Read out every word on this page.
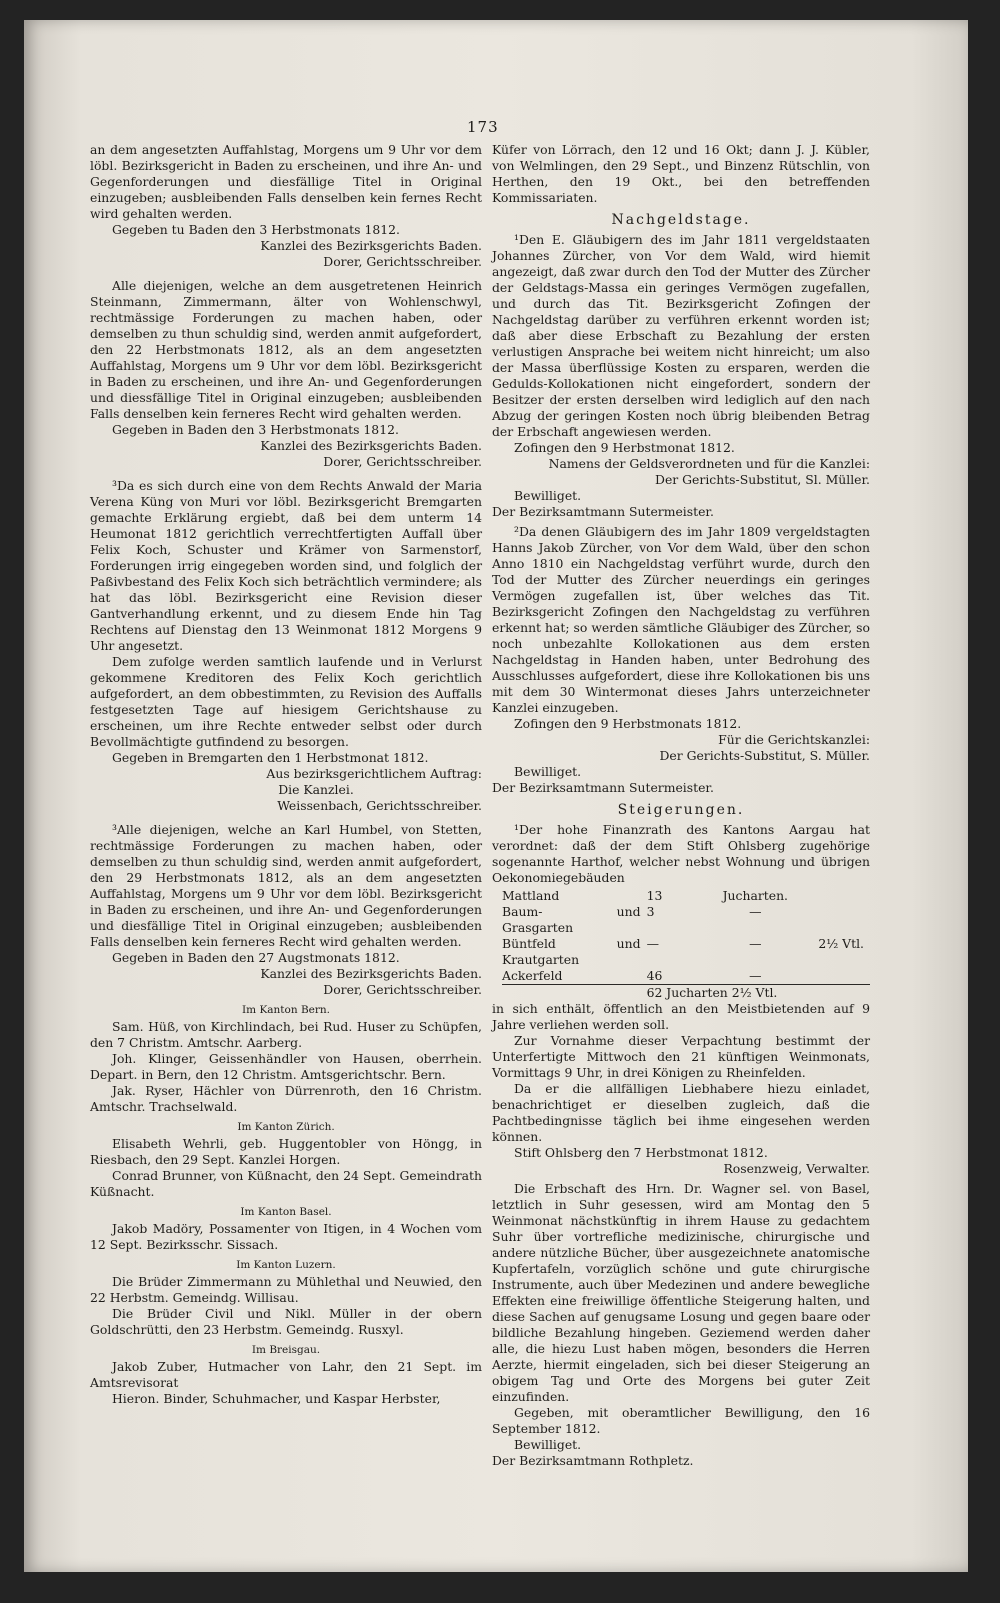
173

an dem angesetzten Auffahlstag, Morgens um 9 Uhr vor dem löbl. Bezirksgericht in Baden zu erscheinen, und ihre An- und Gegenforderungen und diesfällige Titel in Original einzugeben; ausbleibenden Falls denselben kein fernes Recht wird gehalten werden.

Gegeben tu Baden den 3 Herbstmonats 1812.

Kanzlei des Bezirksgerichts Baden.

Dorer, Gerichtsschreiber.

Alle diejenigen, welche an dem ausgetretenen Heinrich Steinmann, Zimmermann, älter von Wohlenschwyl, rechtmässige Forderungen zu machen haben, oder demselben zu thun schuldig sind, werden anmit aufgefordert, den 22 Herbstmonats 1812, als an dem angesetzten Auffahlstag, Morgens um 9 Uhr vor dem löbl. Bezirksgericht in Baden zu erscheinen, und ihre An- und Gegenforderungen und diessfällige Titel in Original einzugeben; ausbleibenden Falls denselben kein ferneres Recht wird gehalten werden.

Gegeben in Baden den 3 Herbstmonats 1812.

Kanzlei des Bezirksgerichts Baden.

Dorer, Gerichtsschreiber.

³Da es sich durch eine von dem Rechts Anwald der Maria Verena Küng von Muri vor löbl. Bezirksgericht Bremgarten gemachte Erklärung ergiebt, daß bei dem unterm 14 Heumonat 1812 gerichtlich verrechtfertigten Auffall über Felix Koch, Schuster und Krämer von Sarmenstorf, Forderungen irrig eingegeben worden sind, und folglich der Paßivbestand des Felix Koch sich beträchtlich vermindere; als hat das löbl. Bezirksgericht eine Revision dieser Gantverhandlung erkennt, und zu diesem Ende hin Tag Rechtens auf Dienstag den 13 Weinmonat 1812 Morgens 9 Uhr angesetzt.

Dem zufolge werden samtlich laufende und in Verlurst gekommene Kreditoren des Felix Koch gerichtlich aufgefordert, an dem obbestimmten, zu Revision des Auffalls festgesetzten Tage auf hiesigem Gerichtshause zu erscheinen, um ihre Rechte entweder selbst oder durch Bevollmächtigte gutfindend zu besorgen.

Gegeben in Bremgarten den 1 Herbstmonat 1812.

Aus bezirksgerichtlichem Auftrag:

Die Kanzlei.

Weissenbach, Gerichtsschreiber.

³Alle diejenigen, welche an Karl Humbel, von Stetten, rechtmässige Forderungen zu machen haben, oder demselben zu thun schuldig sind, werden anmit aufgefordert, den 29 Herbstmonats 1812, als an dem angesetzten Auffahlstag, Morgens um 9 Uhr vor dem löbl. Bezirksgericht in Baden zu erscheinen, und ihre An- und Gegenforderungen und diesfällige Titel in Original einzugeben; ausbleibenden Falls denselben kein ferneres Recht wird gehalten werden.

Gegeben in Baden den 27 Augstmonats 1812.

Kanzlei des Bezirksgerichts Baden.

Dorer, Gerichtsschreiber.

Im Kanton Bern.

Sam. Hüß, von Kirchlindach, bei Rud. Huser zu Schüpfen, den 7 Christm. Amtschr. Aarberg.

Joh. Klinger, Geissenhändler von Hausen, oberrhein. Depart. in Bern, den 12 Christm. Amtsgerichtschr. Bern.

Jak. Ryser, Hächler von Dürrenroth, den 16 Christm. Amtschr. Trachselwald.

Im Kanton Zürich.

Elisabeth Wehrli, geb. Huggentobler von Höngg, in Riesbach, den 29 Sept. Kanzlei Horgen.

Conrad Brunner, von Küßnacht, den 24 Sept. Gemeindrath Küßnacht.

Im Kanton Basel.

Jakob Madöry, Possamenter von Itigen, in 4 Wochen vom 12 Sept. Bezirksschr. Sissach.

Im Kanton Luzern.

Die Brüder Zimmermann zu Mühlethal und Neuwied, den 22 Herbstm. Gemeindg. Willisau.

Die Brüder Civil und Nikl. Müller in der obern Goldschrütti, den 23 Herbstm. Gemeindg. Rusxyl.

Im Breisgau.

Jakob Zuber, Hutmacher von Lahr, den 21 Sept. im Amtsrevisorat

Hieron. Binder, Schuhmacher, und Kaspar Herbster,

Küfer von Lörrach, den 12 und 16 Okt; dann J. J. Kübler, von Welmlingen, den 29 Sept., und Binzenz Rütschlin, von Herthen, den 19 Okt., bei den betreffenden Kommissariaten.

Nachgeldstage.

¹Den E. Gläubigern des im Jahr 1811 vergeldstaaten Johannes Zürcher, von Vor dem Wald, wird hiemit angezeigt, daß zwar durch den Tod der Mutter des Zürcher der Geldstags-Massa ein geringes Vermögen zugefallen, und durch das Tit. Bezirksgericht Zofingen der Nachgeldstag darüber zu verführen erkennt worden ist; daß aber diese Erbschaft zu Bezahlung der ersten verlustigen Ansprache bei weitem nicht hinreicht; um also der Massa überflüssige Kosten zu ersparen, werden die Gedulds-Kollokationen nicht eingefordert, sondern der Besitzer der ersten derselben wird lediglich auf den nach Abzug der geringen Kosten noch übrig bleibenden Betrag der Erbschaft angewiesen werden.

Zofingen den 9 Herbstmonat 1812.

Namens der Geldsverordneten und für die Kanzlei:

Der Gerichts-Substitut, Sl. Müller.

Bewilliget.

Der Bezirksamtmann Sutermeister.

²Da denen Gläubigern des im Jahr 1809 vergeldstagten Hanns Jakob Zürcher, von Vor dem Wald, über den schon Anno 1810 ein Nachgeldstag verführt wurde, durch den Tod der Mutter des Zürcher neuerdings ein geringes Vermögen zugefallen ist, über welches das Tit. Bezirksgericht Zofingen den Nachgeldstag zu verführen erkennt hat; so werden sämtliche Gläubiger des Zürcher, so noch unbezahlte Kollokationen aus dem ersten Nachgeldstag in Handen haben, unter Bedrohung des Ausschlusses aufgefordert, diese ihre Kollokationen bis uns mit dem 30 Wintermonat dieses Jahrs unterzeichneter Kanzlei einzugeben.

Zofingen den 9 Herbstmonats 1812.

Für die Gerichtskanzlei:

Der Gerichts-Substitut, S. Müller.

Bewilliget.

Der Bezirksamtmann Sutermeister.

Steigerungen.

¹Der hohe Finanzrath des Kantons Aargau hat verordnet: daß der dem Stift Ohlsberg zugehörige sogenannte Harthof, welcher nebst Wohnung und übrigen Oekonomiegebäuden

Mattland	13	Jucharten.	
Baum- und Grasgarten	3	—	
Büntfeld und Krautgarten	—	—	2½ Vtl.
Ackerfeld	46	—	
	62 Jucharten 2½ Vtl.		

in sich enthält, öffentlich an den Meistbietenden auf 9 Jahre verliehen werden soll.

Zur Vornahme dieser Verpachtung bestimmt der Unterfertigte Mittwoch den 21 künftigen Weinmonats, Vormittags 9 Uhr, in drei Königen zu Rheinfelden.

Da er die allfälligen Liebhabere hiezu einladet, benachrichtiget er dieselben zugleich, daß die Pachtbedingnisse täglich bei ihme eingesehen werden können.

Stift Ohlsberg den 7 Herbstmonat 1812.

Rosenzweig, Verwalter.

Die Erbschaft des Hrn. Dr. Wagner sel. von Basel, letztlich in Suhr gesessen, wird am Montag den 5 Weinmonat nächstkünftig in ihrem Hause zu gedachtem Suhr über vortrefliche medizinische, chirurgische und andere nützliche Bücher, über ausgezeichnete anatomische Kupfertafeln, vorzüglich schöne und gute chirurgische Instrumente, auch über Medezinen und andere bewegliche Effekten eine freiwillige öffentliche Steigerung halten, und diese Sachen auf genugsame Losung und gegen baare oder bildliche Bezahlung hingeben. Geziemend werden daher alle, die hiezu Lust haben mögen, besonders die Herren Aerzte, hiermit eingeladen, sich bei dieser Steigerung an obigem Tag und Orte des Morgens bei guter Zeit einzufinden.

Gegeben, mit oberamtlicher Bewilligung, den 16 September 1812.

Bewilliget.

Der Bezirksamtmann Rothpletz.
